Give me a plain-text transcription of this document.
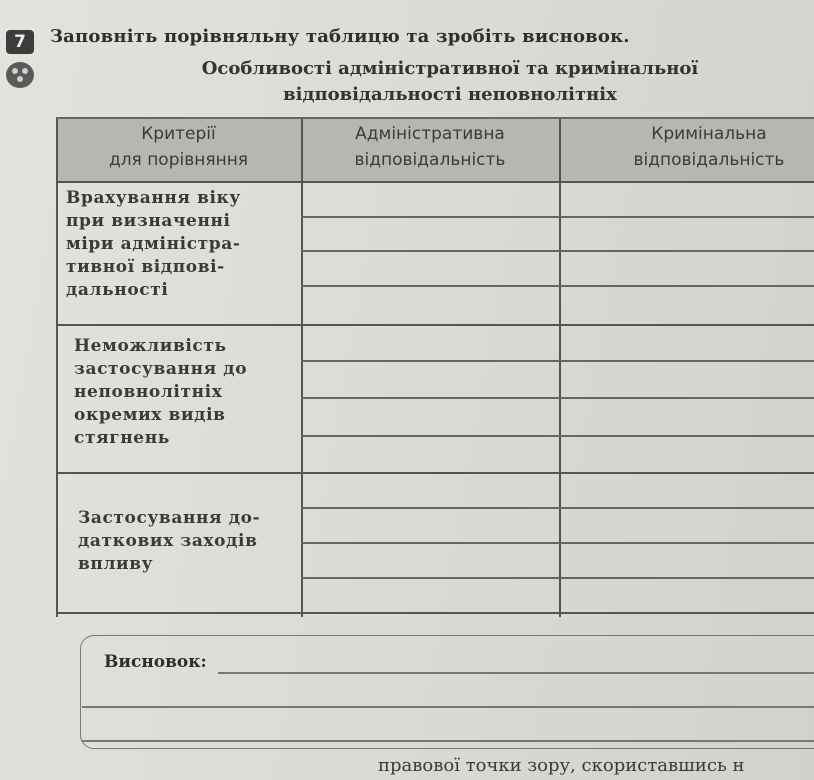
7	Заповніть порівняльну таблицю та зробіть висновок.
Особливості адміністративної та кримінальної
відповідальності неповнолітніх
Критерії
для порівняння
Адміністративна
відповідальність
Кримінальна
відповідальність
Врахування віку
при визначенні
міри адміністра-
тивної відпові-
дальності
Неможливість
застосування до
неповнолітніх
окремих видів
стягнень
Застосування до-
даткових заходів
впливу
Висновок:
правової точки зору, скориставшись н
